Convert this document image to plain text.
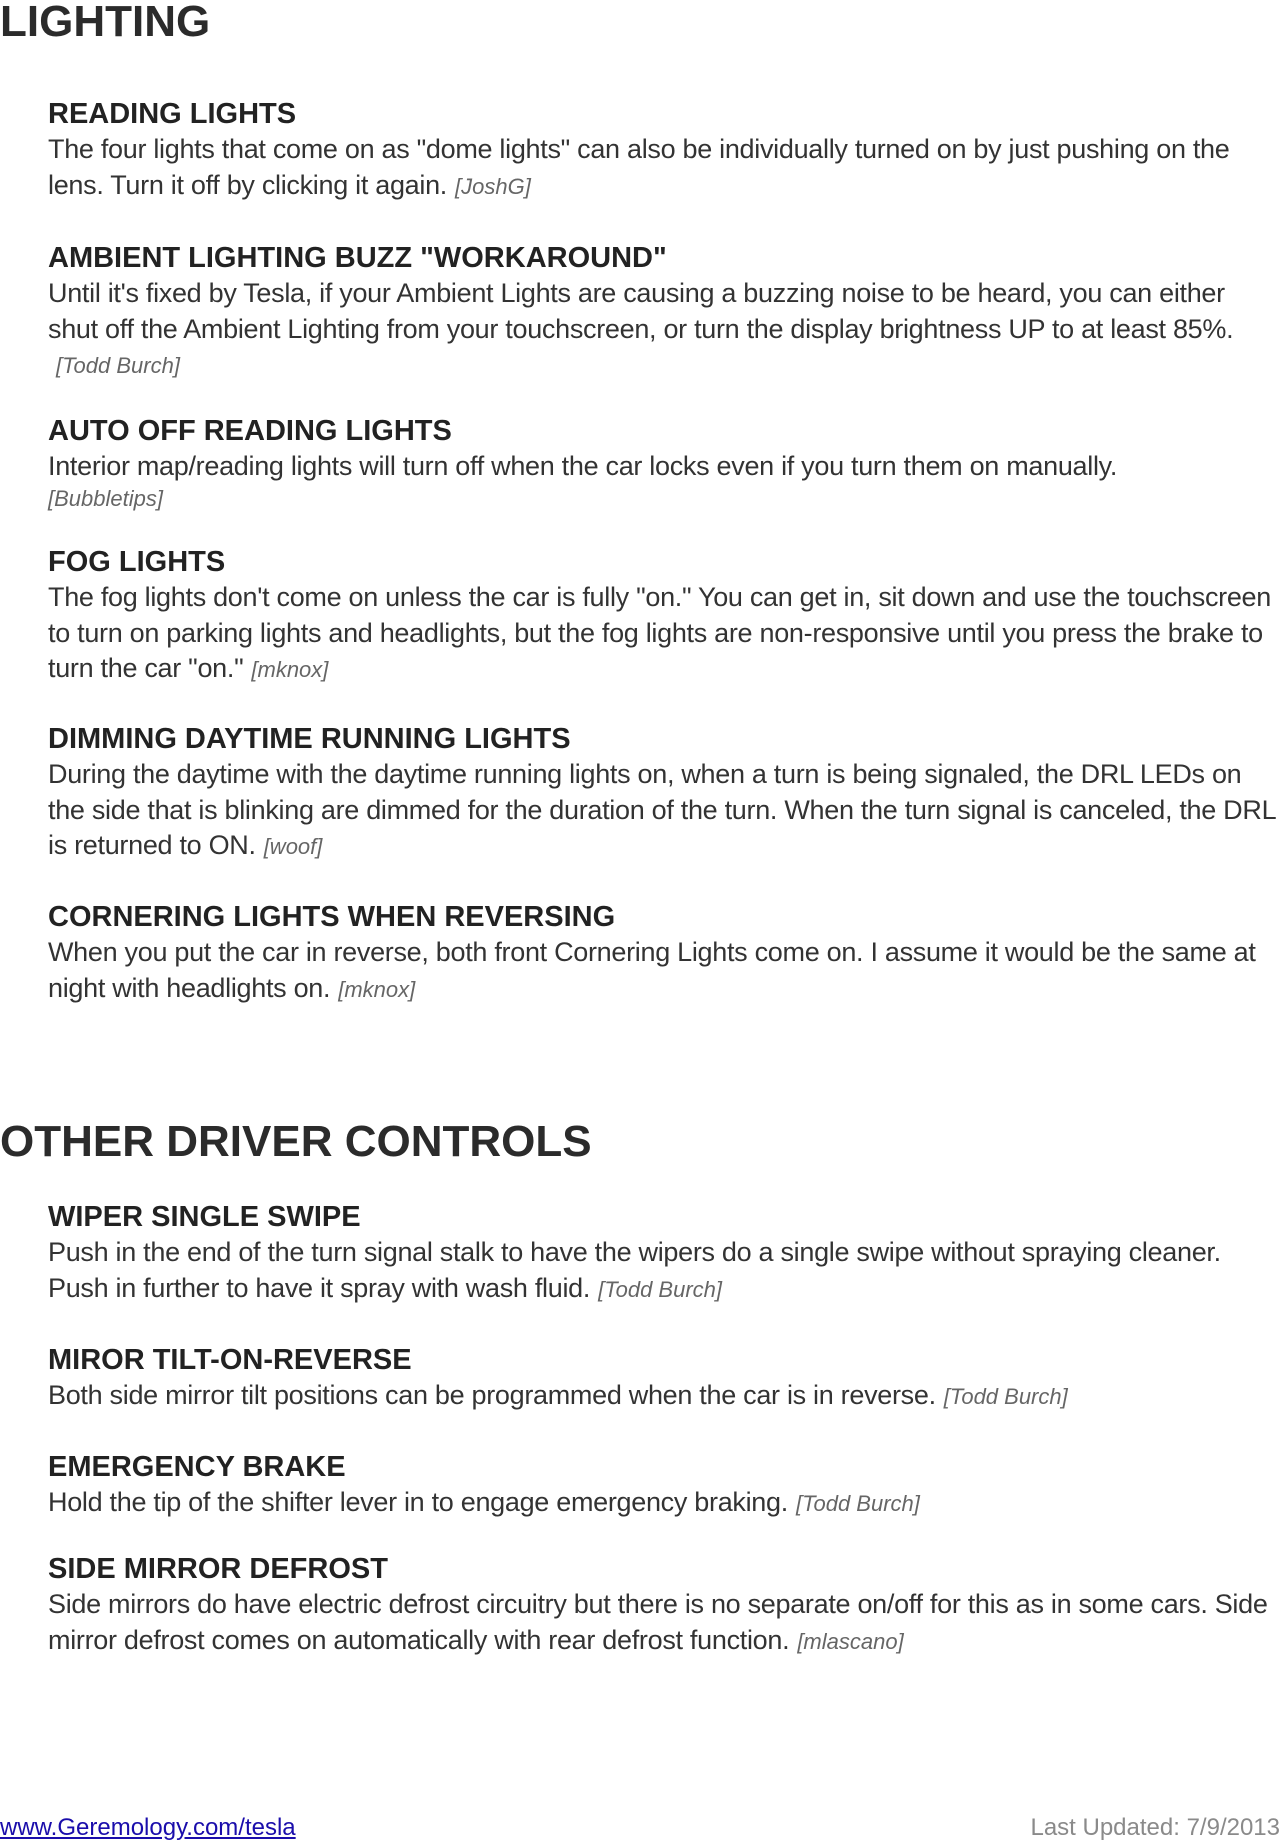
LIGHTING
READING LIGHTS

The four lights that come on as "dome lights" can also be individually turned on by just pushing on the lens. Turn it off by clicking it again. [JoshG]

AMBIENT LIGHTING BUZZ "WORKAROUND"

Until it's fixed by Tesla, if your Ambient Lights are causing a buzzing noise to be heard, you can either shut off the Ambient Lighting from your touchscreen, or turn the display brightness UP to at least 85%.[Todd Burch]

AUTO OFF READING LIGHTS

Interior map/reading lights will turn off when the car locks even if you turn them on manually.
[Bubbletips]

FOG LIGHTS

The fog lights don't come on unless the car is fully "on." You can get in, sit down and use the touchscreen to turn on parking lights and headlights, but the fog lights are non-responsive until you press the brake to turn the car "on." [mknox]

DIMMING DAYTIME RUNNING LIGHTS

During the daytime with the daytime running lights on, when a turn is being signaled, the DRL LEDs on the side that is blinking are dimmed for the duration of the turn. When the turn signal is canceled, the DRL is returned to ON. [woof]

CORNERING LIGHTS WHEN REVERSING

When you put the car in reverse, both front Cornering Lights come on. I assume it would be the same at night with headlights on. [mknox]

OTHER DRIVER CONTROLS
WIPER SINGLE SWIPE

Push in the end of the turn signal stalk to have the wipers do a single swipe without spraying cleaner. Push in further to have it spray with wash fluid. [Todd Burch]

MIROR TILT-ON-REVERSE

Both side mirror tilt positions can be programmed when the car is in reverse. [Todd Burch]

EMERGENCY BRAKE

Hold the tip of the shifter lever in to engage emergency braking. [Todd Burch]

SIDE MIRROR DEFROST

Side mirrors do have electric defrost circuitry but there is no separate on/off for this as in some cars. Side mirror defrost comes on automatically with rear defrost function. [mlascano]

www.Geremology.com/tesla	Last Updated: 7/9/2013
